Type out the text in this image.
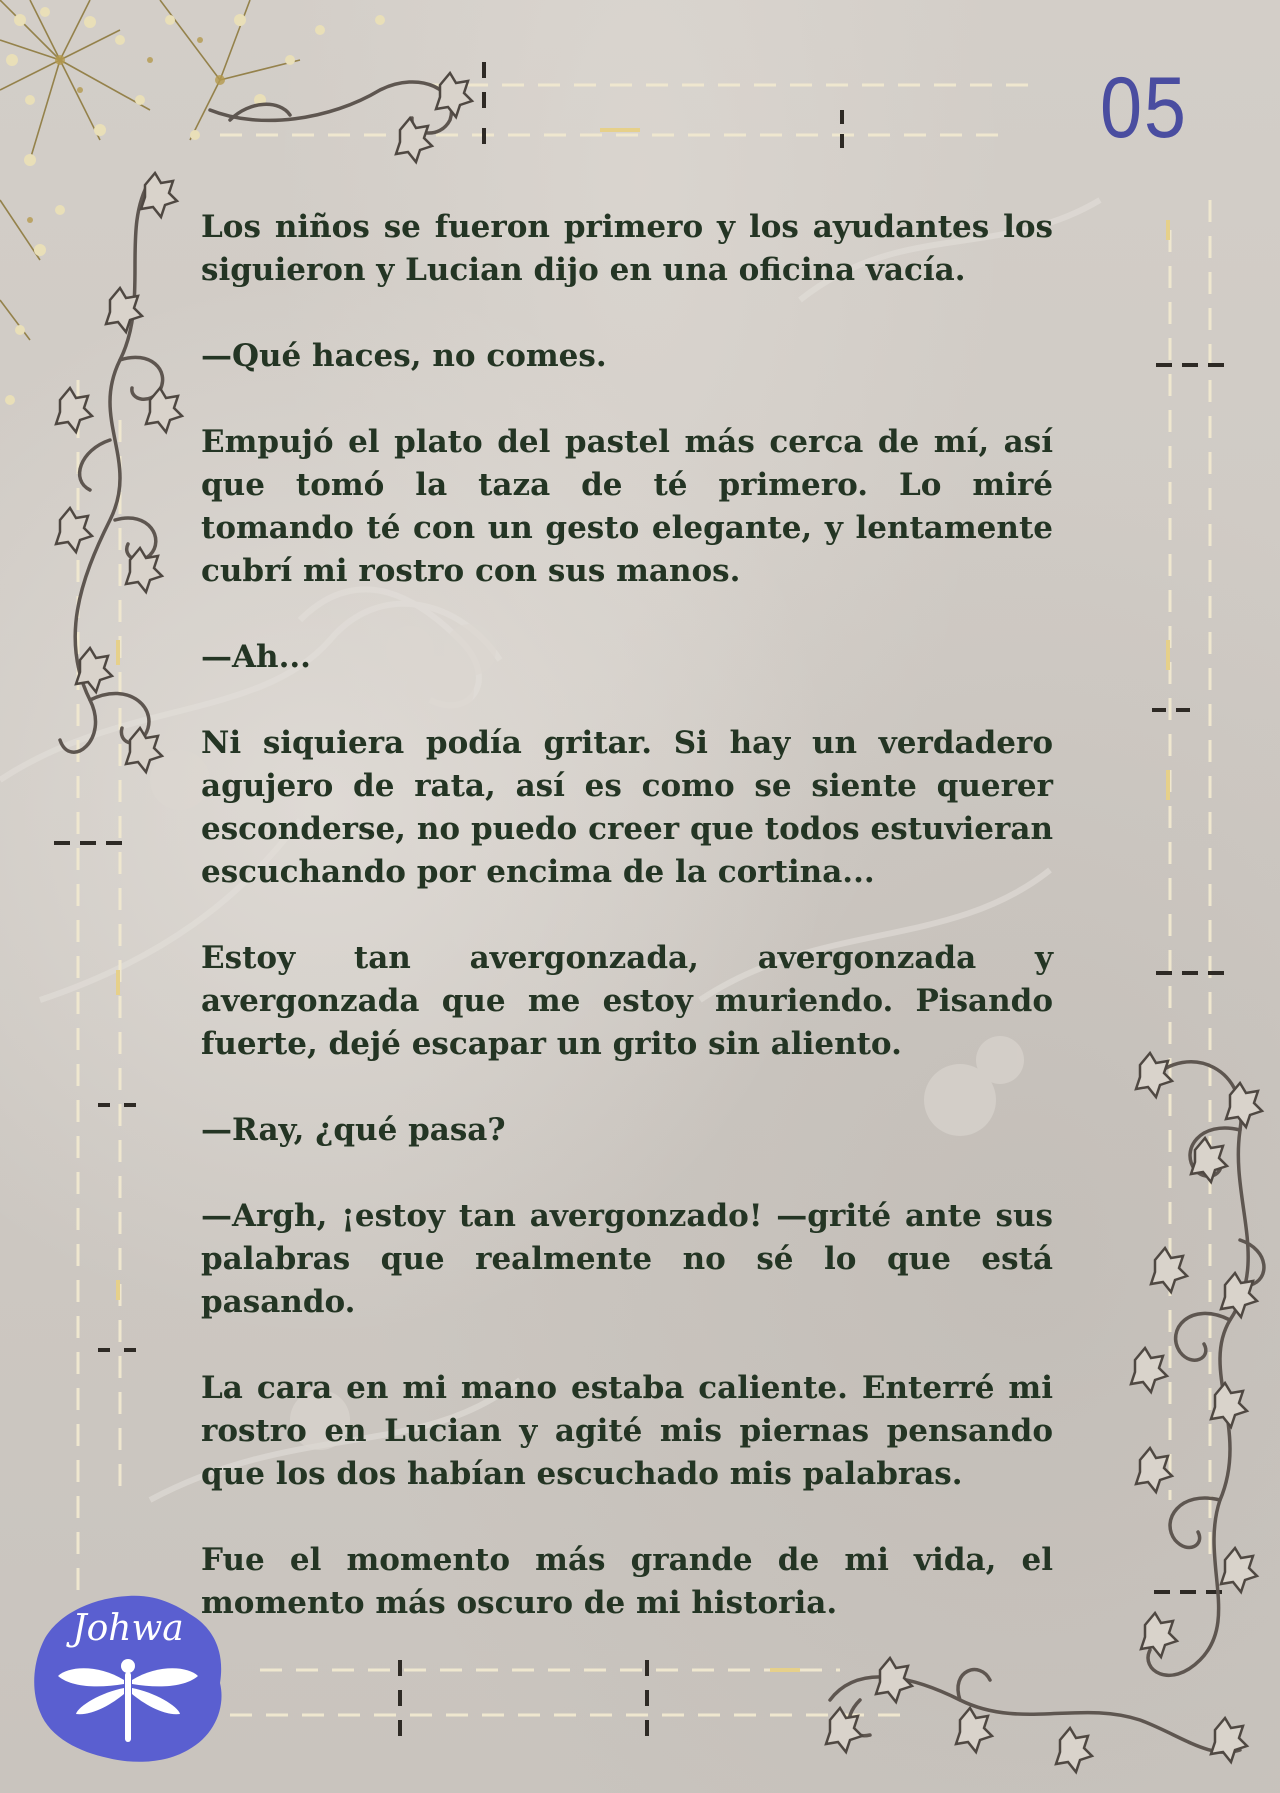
05

Los niños se fueron primero y los ayudantes los siguieron y Lucian dijo en una oficina vacía.

—Qué haces, no comes.

Empujó el plato del pastel más cerca de mí, así que tomó la taza de té primero. Lo miré tomando té con un gesto elegante, y lentamente cubrí mi rostro con sus manos.

—Ah...

Ni siquiera podía gritar. Si hay un verdadero agujero de rata, así es como se siente querer esconderse, no puedo creer que todos estuvieran escuchando por encima de la cortina...

Estoy tan avergonzada, avergonzada y avergonzada que me estoy muriendo. Pisando fuerte, dejé escapar un grito sin aliento.

—Ray, ¿qué pasa?

—Argh, ¡estoy tan avergonzado! —grité ante sus palabras que realmente no sé lo que está pasando.

La cara en mi mano estaba caliente. Enterré mi rostro en Lucian y agité mis piernas pensando que los dos habían escuchado mis palabras.

Fue el momento más grande de mi vida, el momento más oscuro de mi historia.

Johwa
